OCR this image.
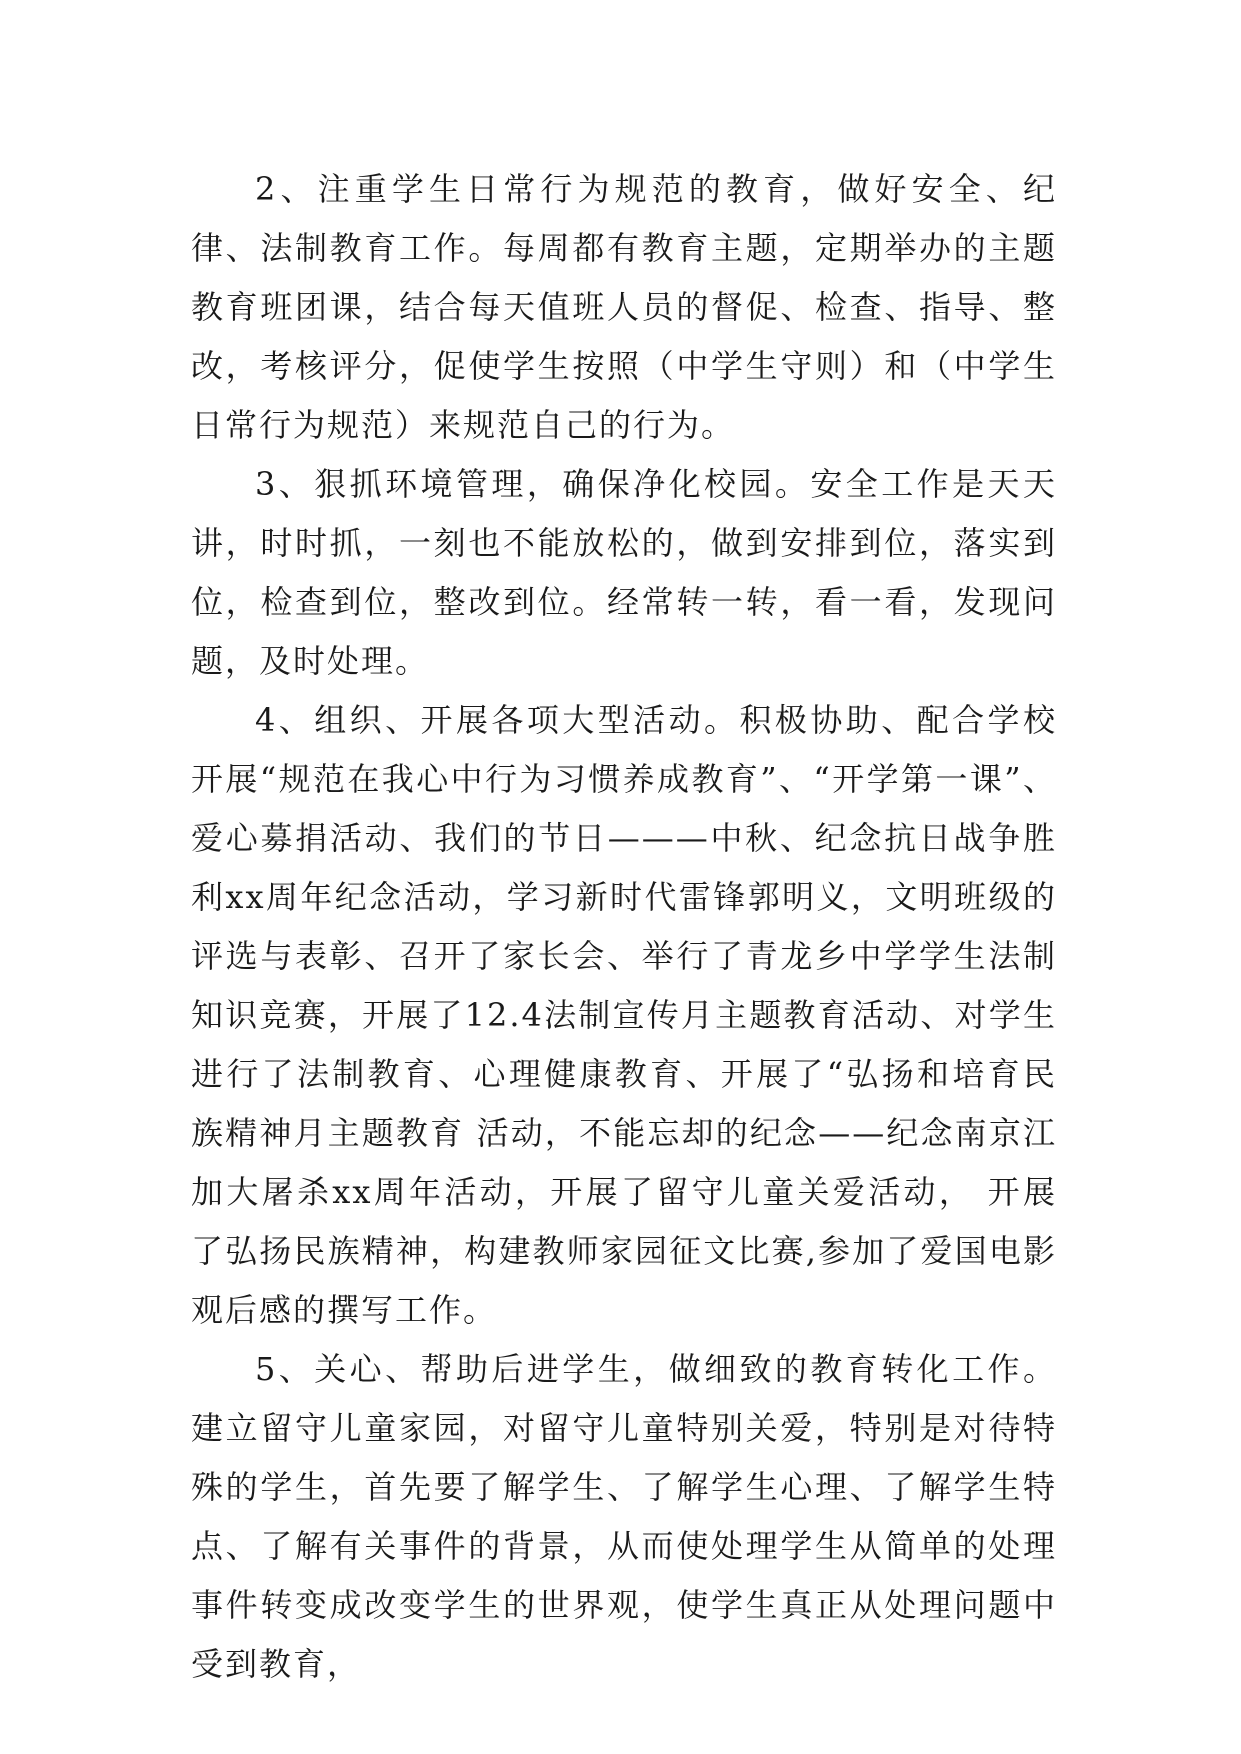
2、注重学生日常行为规范的教育，做好安全、纪律、法制教育工作。每周都有教育主题，定期举办的主题教育班团课，结合每天值班人员的督促、检查、指导、整改，考核评分，促使学生按照（中学生守则）和（中学生日常行为规范）来规范自己的行为。

3、狠抓环境管理，确保净化校园。安全工作是天天讲，时时抓，一刻也不能放松的，做到安排到位，落实到位，检查到位，整改到位。经常转一转，看一看，发现问题，及时处理。

4、组织、开展各项大型活动。积极协助、配合学校开展“规范在我心中行为习惯养成教育”、“开学第一课”、爱心募捐活动、我们的节日———中秋、纪念抗日战争胜利xx周年纪念活动，学习新时代雷锋郭明义，文明班级的评选与表彰、召开了家长会、举行了青龙乡中学学生法制知识竞赛，开展了12.4法制宣传月主题教育活动、对学生进行了法制教育、心理健康教育、开展了“弘扬和培育民族精神月主题教育 活动，不能忘却的纪念——纪念南京江加大屠杀xx周年活动，开展了留守儿童关爱活动， 开展了弘扬民族精神，构建教师家园征文比赛,参加了爱国电影观后感的撰写工作。

5、关心、帮助后进学生，做细致的教育转化工作。建立留守儿童家园，对留守儿童特别关爱，特别是对待特殊的学生，首先要了解学生、了解学生心理、了解学生特点、了解有关事件的背景，从而使处理学生从简单的处理事件转变成改变学生的世界观，使学生真正从处理问题中受到教育，
